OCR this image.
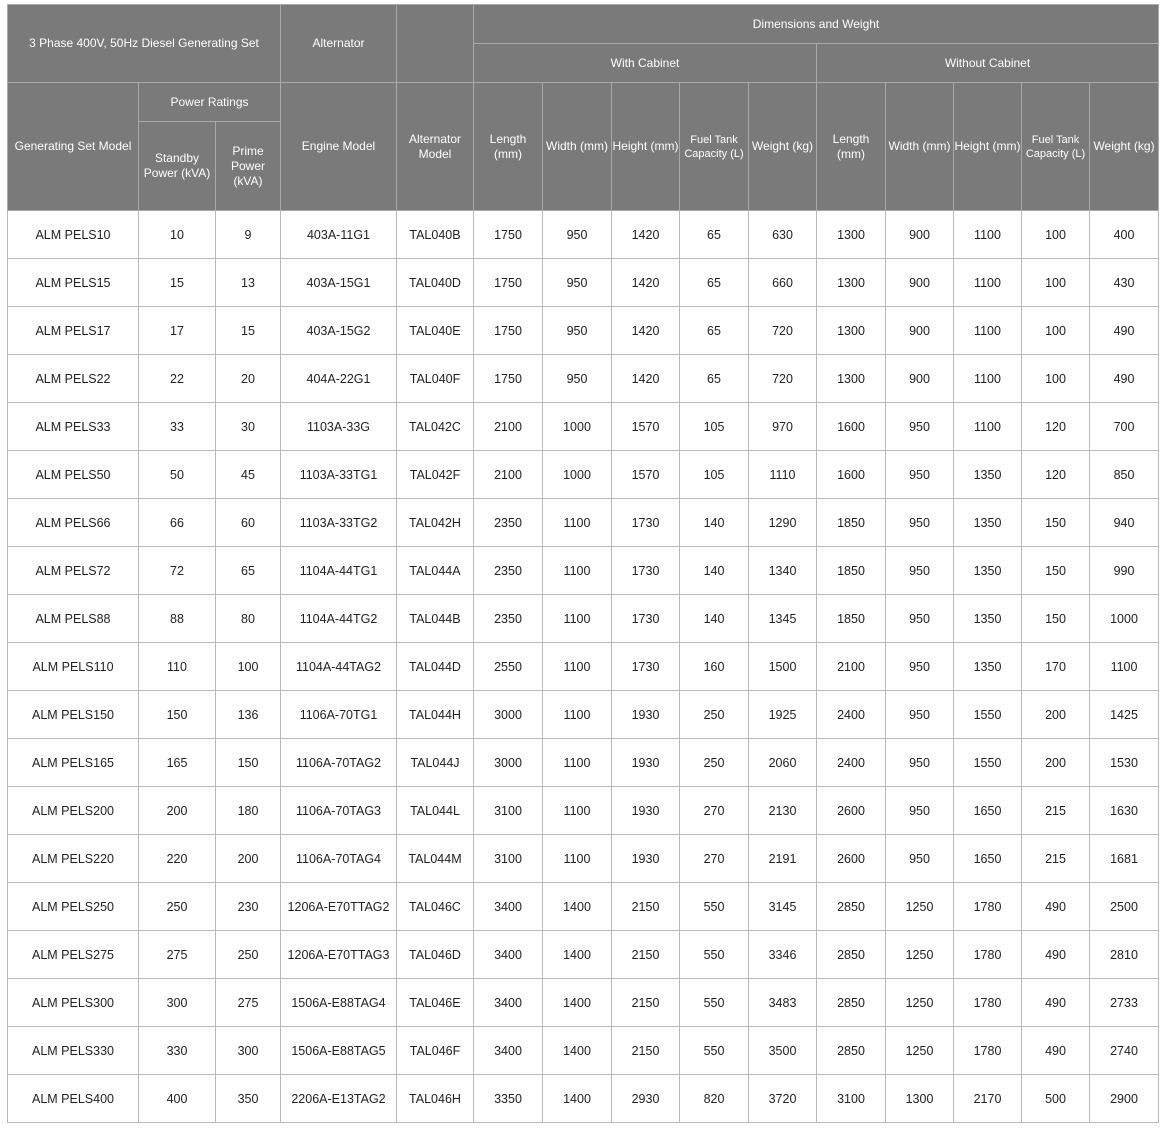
3 Phase 400V, 50Hz Diesel Generating Set			Alternator		Dimensions and Weight									
					With Cabinet					Without Cabinet				
Generating Set Model	Power Ratings		Engine Model	Alternator Model	Length (mm)	Width (mm)	Height (mm)	Fuel Tank Capacity (L)	Weight (kg)	Length (mm)	Width (mm)	Height (mm)	Fuel Tank Capacity (L)	Weight (kg)
	Standby Power (kVA)	Prime Power (kVA)												
ALM PELS10	10	9	403A-11G1	TAL040B	1750	950	1420	65	630	1300	900	1100	100	400
ALM PELS15	15	13	403A-15G1	TAL040D	1750	950	1420	65	660	1300	900	1100	100	430
ALM PELS17	17	15	403A-15G2	TAL040E	1750	950	1420	65	720	1300	900	1100	100	490
ALM PELS22	22	20	404A-22G1	TAL040F	1750	950	1420	65	720	1300	900	1100	100	490
ALM PELS33	33	30	1103A-33G	TAL042C	2100	1000	1570	105	970	1600	950	1100	120	700
ALM PELS50	50	45	1103A-33TG1	TAL042F	2100	1000	1570	105	1110	1600	950	1350	120	850
ALM PELS66	66	60	1103A-33TG2	TAL042H	2350	1100	1730	140	1290	1850	950	1350	150	940
ALM PELS72	72	65	1104A-44TG1	TAL044A	2350	1100	1730	140	1340	1850	950	1350	150	990
ALM PELS88	88	80	1104A-44TG2	TAL044B	2350	1100	1730	140	1345	1850	950	1350	150	1000
ALM PELS110	110	100	1104A-44TAG2	TAL044D	2550	1100	1730	160	1500	2100	950	1350	170	1100
ALM PELS150	150	136	1106A-70TG1	TAL044H	3000	1100	1930	250	1925	2400	950	1550	200	1425
ALM PELS165	165	150	1106A-70TAG2	TAL044J	3000	1100	1930	250	2060	2400	950	1550	200	1530
ALM PELS200	200	180	1106A-70TAG3	TAL044L	3100	1100	1930	270	2130	2600	950	1650	215	1630
ALM PELS220	220	200	1106A-70TAG4	TAL044M	3100	1100	1930	270	2191	2600	950	1650	215	1681
ALM PELS250	250	230	1206A-E70TTAG2	TAL046C	3400	1400	2150	550	3145	2850	1250	1780	490	2500
ALM PELS275	275	250	1206A-E70TTAG3	TAL046D	3400	1400	2150	550	3346	2850	1250	1780	490	2810
ALM PELS300	300	275	1506A-E88TAG4	TAL046E	3400	1400	2150	550	3483	2850	1250	1780	490	2733
ALM PELS330	330	300	1506A-E88TAG5	TAL046F	3400	1400	2150	550	3500	2850	1250	1780	490	2740
ALM PELS400	400	350	2206A-E13TAG2	TAL046H	3350	1400	2930	820	3720	3100	1300	2170	500	2900
